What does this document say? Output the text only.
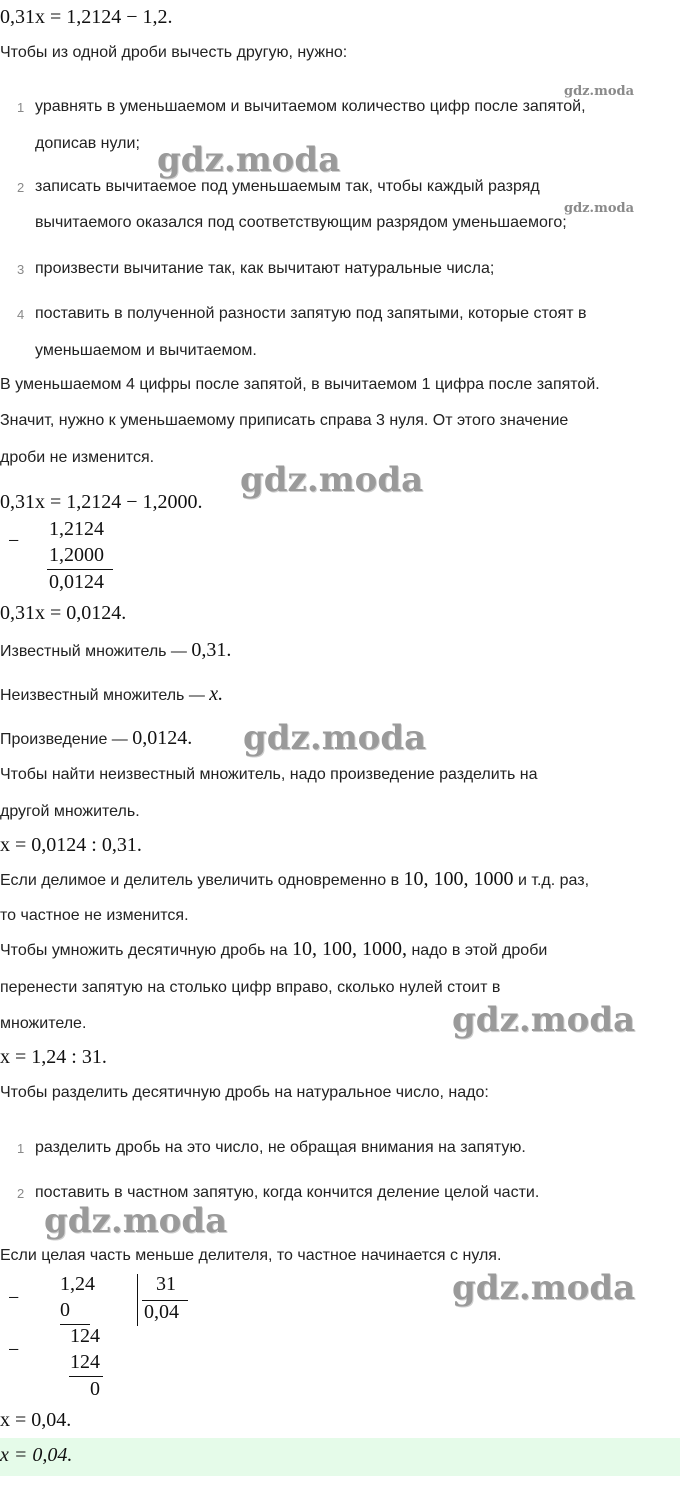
0,31x = 1,2124 − 1,2.
Чтобы из одной дроби вычесть другую, нужно:
1 уравнять в уменьшаемом и вычитаемом количество цифр после запятой,
дописав нули;
2 записать вычитаемое под уменьшаемым так, чтобы каждый разряд
вычитаемого оказался под соответствующим разрядом уменьшаемого;
3 произвести вычитание так, как вычитают натуральные числа;
4 поставить в полученной разности запятую под запятыми, которые стоят в
уменьшаемом и вычитаемом.
В уменьшаемом 4 цифры после запятой, в вычитаемом 1 цифра после запятой.
Значит, нужно к уменьшаемому приписать справа 3 нуля. От этого значение
дроби не изменится.
0,31x = 1,2124 − 1,2000.
−
1,2124
1,2000
0,0124
0,31x = 0,0124.
Известный множитель — 0,31.
Неизвестный множитель — x.
Произведение — 0,0124.
Чтобы найти неизвестный множитель, надо произведение разделить на
другой множитель.
x = 0,0124 : 0,31.
Если делимое и делитель увеличить одновременно в 10, 100, 1000 и т.д. раз,
то частное не изменится.
Чтобы умножить десятичную дробь на 10, 100, 1000, надо в этой дроби
перенести запятую на столько цифр вправо, сколько нулей стоит в
множителе.
x = 1,24 : 31.
Чтобы разделить десятичную дробь на натуральное число, надо:
1 разделить дробь на это число, не обращая внимания на запятую.
2 поставить в частном запятую, когда кончится деление целой части.
Если целая часть меньше делителя, то частное начинается с нуля.
−
1,24
0
31
0,04
−
124
124
0
x = 0,04.
x = 0,04.
gdz.moda
gdz.moda
gdz.moda
gdz.moda
gdz.moda
gdz.moda
gdz.moda
gdz.moda
